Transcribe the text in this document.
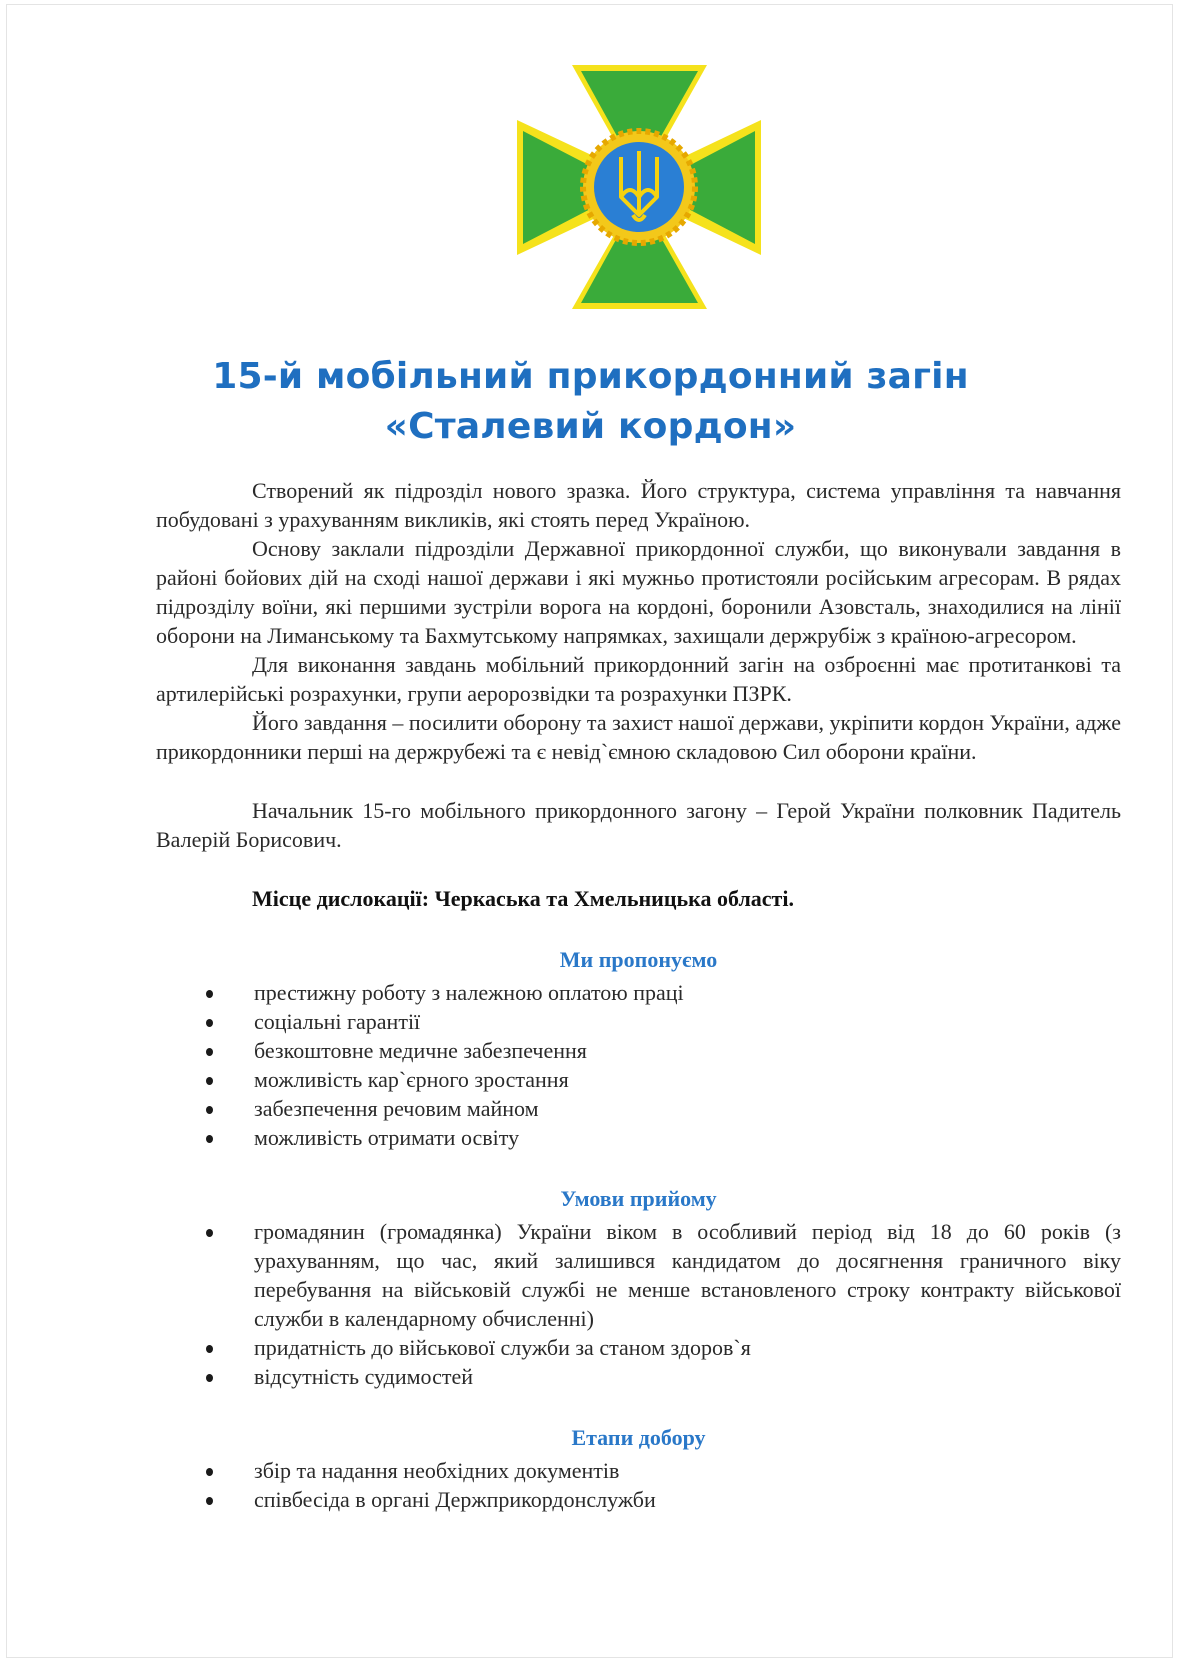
15-й мобільний прикордонний загін
«Сталевий кордон»

Створений як підрозділ нового зразка. Його структура, система управління та навчання побудовані з урахуванням викликів, які стоять перед Україною.

Основу заклали підрозділи Державної прикордонної служби, що виконували завдання в районі бойових дій на сході нашої держави і які мужньо протистояли російським агресорам. В рядах підрозділу воїни, які першими зустріли ворога на кордоні, боронили Азовсталь, знаходилися на лінії оборони на Лиманському та Бахмутському напрямках, захищали держрубіж з країною-агресором.

Для виконання завдань мобільний прикордонний загін на озброєнні має протитанкові та артилерійські розрахунки, групи аеророзвідки та розрахунки ПЗРК.

Його завдання – посилити оборону та захист нашої держави, укріпити кордон України, адже прикордонники перші на держрубежі та є невід`ємною складовою Сил оборони країни.

Начальник 15-го мобільного прикордонного загону – Герой України полковник Падитель Валерій Борисович.

Місце дислокації: Черкаська та Хмельницька області.

Ми пропонуємо
престижну роботу з належною оплатою праці
соціальні гарантії
безкоштовне медичне забезпечення
можливість кар`єрного зростання
забезпечення речовим майном
можливість отримати освіту
Умови прийому
громадянин (громадянка) України віком в особливий період від 18 до 60 років (з урахуванням, що час, який залишився кандидатом до досягнення граничного віку перебування на військовій службі не менше встановленого строку контракту військової служби в календарному обчисленні)
придатність до військової служби за станом здоров`я
відсутність судимостей
Етапи добору
збір та надання необхідних документів
співбесіда в органі Держприкордонслужби
